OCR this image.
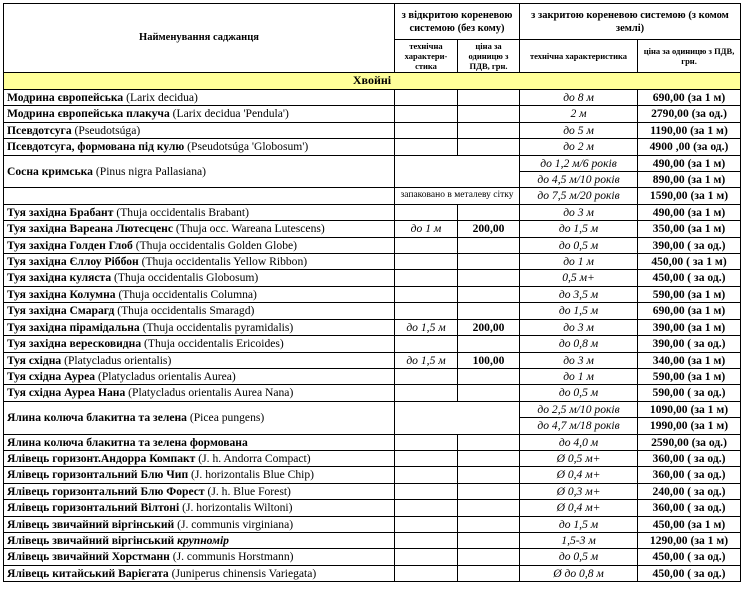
Найменування саджанця	з відкритою кореневою системою (без кому)		з закритою кореневою системою (з комом землі)	
	технічна характери-стика	ціна за одиницю з ПДВ, грн.	технічна характеристика	ціна за одиницю з ПДВ, грн.
Хвойні				
Модрина європейська (Larix decidua)			до 8 м	690,00 (за 1 м)
Модрина європейська плакуча (Larix decidua 'Pendula')			2 м	2790,00 (за од.)
Псевдотсуга (Pseudotsúga)			до 5 м	1190,00 (за 1 м)
Псевдотсуга, формована під кулю (Pseudotsúga 'Globosum')			до 2 м	4900 ,00 (за од.)
Сосна кримська (Pinus nigra Pallasiana)			до 1,2 м/6 років	490,00 (за 1 м)
			до 4,5 м/10 років	890,00 (за 1 м)
	запаковано в металеву сітку		до 7,5 м/20 років	1590,00 (за 1 м)
Туя західна Брабант (Thuja occidentalis Brabant)			до 3 м	490,00 (за 1 м)
Туя західна Вареана Лютесценс (Thuja occ. Wareana Lutescens)	до 1 м	200,00	до 1,5 м	350,00 (за 1 м)
Туя західна Голден Глоб (Thuja occidentalis Golden Globe)			до 0,5 м	390,00 ( за од.)
Туя західна Єллоу Ріббон (Thuja occidentalis Yellow Ribbon)			до 1 м	450,00 ( за 1 м)
Туя західна куляста (Thuja occidentalis Globosum)			0,5 м+	450,00 ( за од.)
Туя західна Колумна (Thuja occidentalis Columna)			до 3,5 м	590,00 (за 1 м)
Туя західна Смарагд (Thuja occidentalis Smaragd)			до 1,5 м	690,00 (за 1 м)
Туя західна пірамідальна (Thuja occidentalis pyramidalis)	до 1,5 м	200,00	до 3 м	390,00 (за 1 м)
Туя західна вересковидна (Thuja occidentalis Ericoides)			до 0,8 м	390,00 ( за од.)
Туя східна (Platycladus orientalis)	до 1,5 м	100,00	до 3 м	340,00 (за 1 м)
Туя східна Ауреа (Platycladus orientalis Aurea)			до 1 м	590,00 (за 1 м)
Туя східна Ауреа Нана (Platycladus orientalis Aurea Nana)			до 0,5 м	590,00 ( за од.)
Ялина колюча блакитна та зелена (Picea pungens)			до 2,5 м/10 років	1090,00 (за 1 м)
			до 4,7 м/18 років	1990,00 (за 1 м)
Ялина колюча блакитна та зелена формована			до 4,0 м	2590,00 (за од.)
Ялівець горизонт.Андорра Компакт (J. h. Andorra Compact)			Ø 0,5 м+	360,00 ( за од.)
Ялівець горизонтальний Блю Чип (J. horizontalis Blue Chip)			Ø 0,4 м+	360,00 ( за од.)
Ялівець горизонтальний Блю Форест (J. h. Blue Forest)			Ø 0,3 м+	240,00 ( за од.)
Ялівець горизонтальний Вілтоні (J. horizontalis Wiltoni)			Ø 0,4 м+	360,00 ( за од.)
Ялівець звичайний віргінський (J. communis virginiana)			до 1,5 м	450,00 (за 1 м)
Ялівець звичайний віргінський крупномір			1,5-3 м	1290,00 (за 1 м)
Ялівець звичайний Хорстманн (J. communis Horstmann)			до 0,5 м	450,00 ( за од.)
Ялівець китайський Варієгата (Juniperus chinensis Variegata)			Ø до 0,8 м	450,00 ( за од.)
